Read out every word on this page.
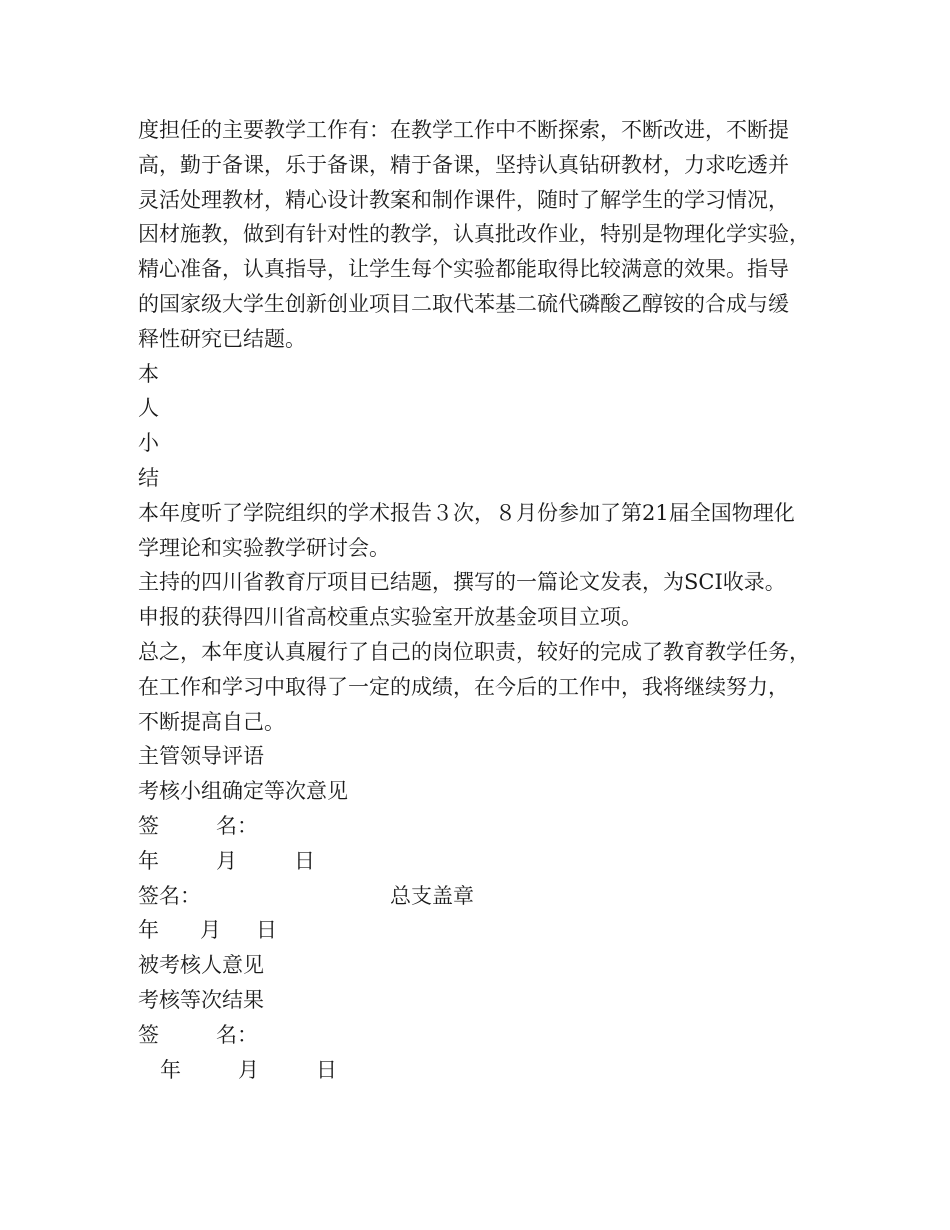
度担任的主要教学工作有：在教学工作中不断探索，不断改进，不断提
高，勤于备课，乐于备课，精于备课，坚持认真钻研教材，力求吃透并
灵活处理教材，精心设计教案和制作课件，随时了解学生的学习情况，
因材施教，做到有针对性的教学，认真批改作业，特别是物理化学实验，
精心准备，认真指导，让学生每个实验都能取得比较满意的效果。指导
的国家级大学生创新创业项目二取代苯基二硫代磷酸乙醇铵的合成与缓
释性研究已结题。
本
人
小
结
本年度听了学院组织的学术报告３次，８月份参加了第21届全国物理化
学理论和实验教学研讨会。
主持的四川省教育厅项目已结题，撰写的一篇论文发表，为SCI收录。
申报的获得四川省高校重点实验室开放基金项目立项。
总之，本年度认真履行了自己的岗位职责，较好的完成了教育教学任务，
在工作和学习中取得了一定的成绩，在今后的工作中，我将继续努力，
不断提高自己。
主管领导评语
考核小组确定等次意见
签	名：
年	月	日
签名：	总支盖章
年	月	日
被考核人意见
考核等次结果
签	名：
年	月	日
